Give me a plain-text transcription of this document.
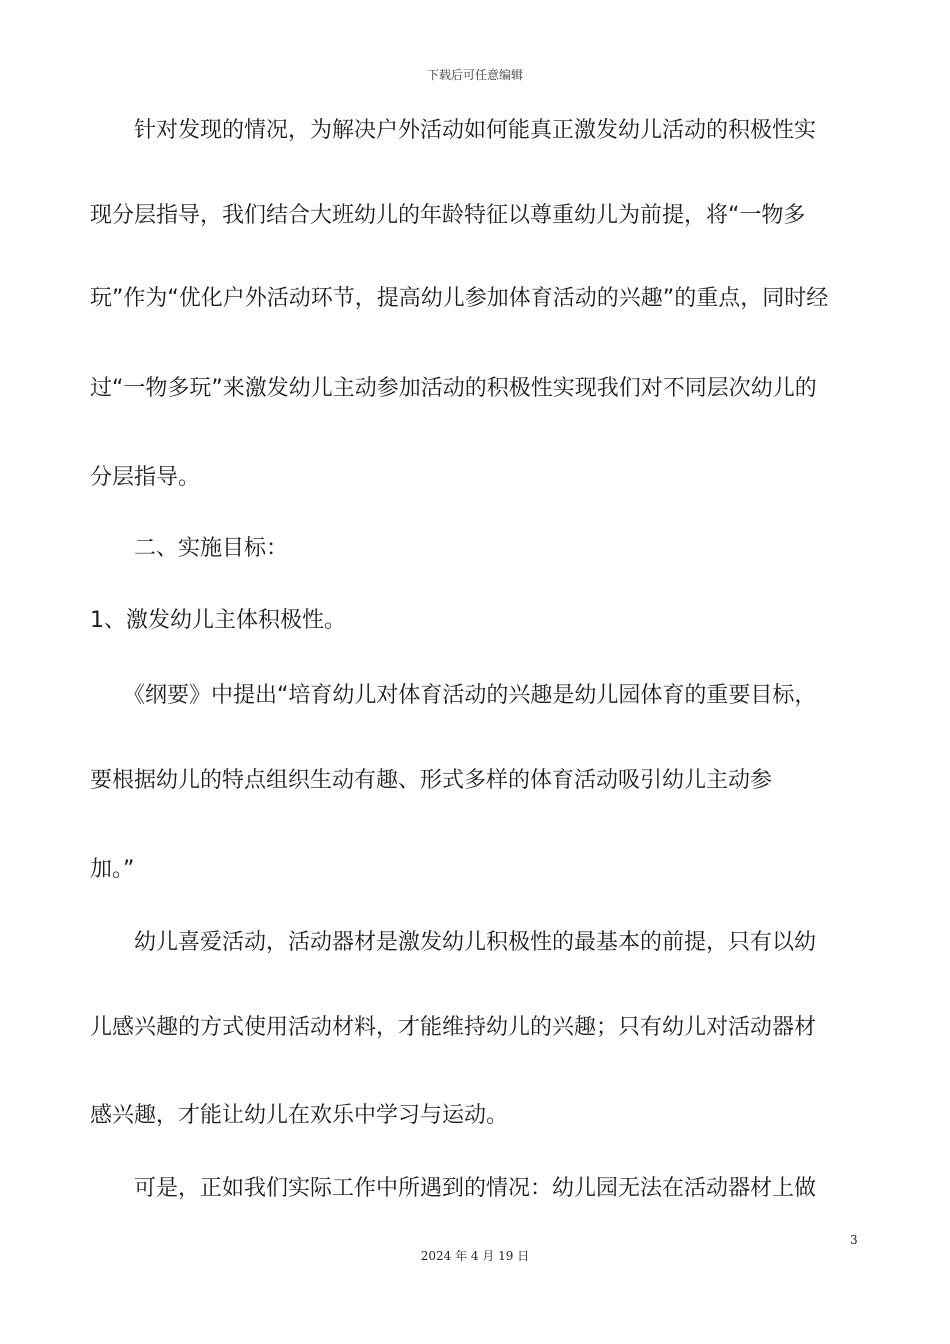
下载后可任意编辑
　　针对发现的情况，为解决户外活动如何能真正激发幼儿活动的积极性实
现分层指导，我们结合大班幼儿的年龄特征以尊重幼儿为前提，将“一物多
玩”作为“优化户外活动环节，提高幼儿参加体育活动的兴趣”的重点，同时经
过“一物多玩”来激发幼儿主动参加活动的积极性实现我们对不同层次幼儿的
分层指导。
　　二、实施目标：
1、激发幼儿主体积极性。
　　《纲要》中提出“培育幼儿对体育活动的兴趣是幼儿园体育的重要目标，
要根据幼儿的特点组织生动有趣、形式多样的体育活动吸引幼儿主动参
加。”
　　幼儿喜爱活动，活动器材是激发幼儿积极性的最基本的前提，只有以幼
儿感兴趣的方式使用活动材料，才能维持幼儿的兴趣；只有幼儿对活动器材
感兴趣，才能让幼儿在欢乐中学习与运动。
　　可是，正如我们实际工作中所遇到的情况：幼儿园无法在活动器材上做
3
2024 年 4 月 19 日
